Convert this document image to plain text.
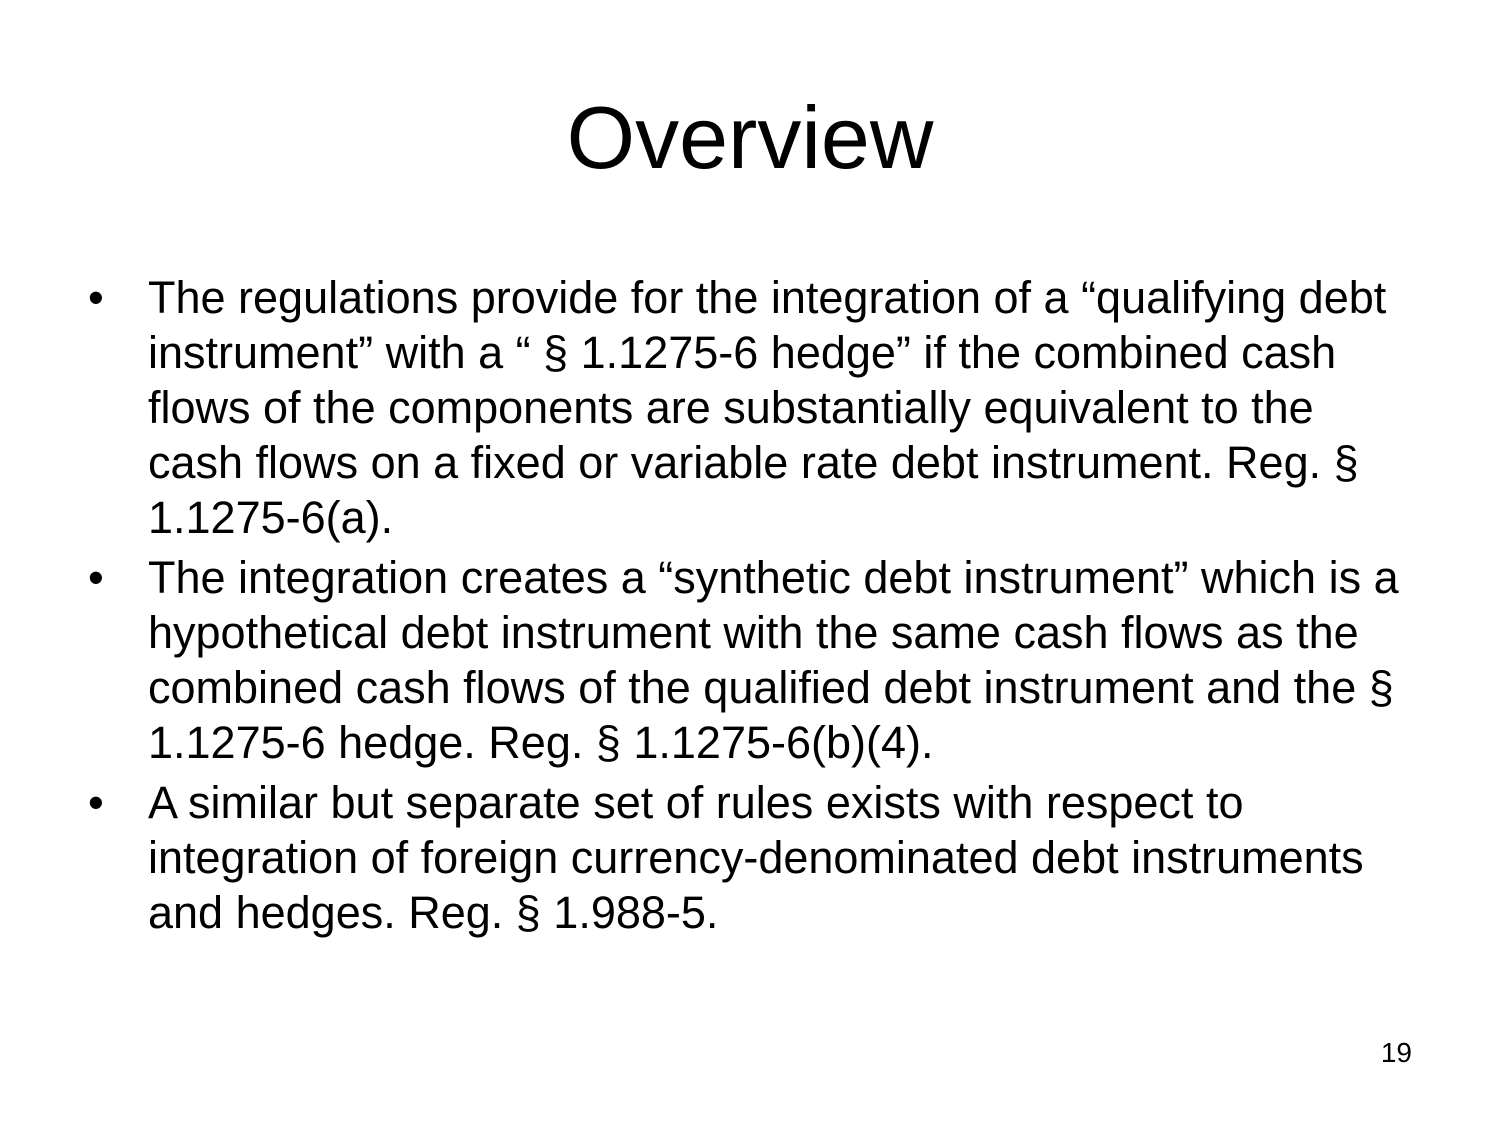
Overview
• The regulations provide for the integration of a “qualifying debt instrument” with a “ § 1.1275-6 hedge” if the combined cash flows of the components are substantially equivalent to the cash flows on a fixed or variable rate debt instrument. Reg. § 1.1275-6(a).
• The integration creates a “synthetic debt instrument” which is a hypothetical debt instrument with the same cash flows as the combined cash flows of the qualified debt instrument and the § 1.1275-6 hedge. Reg. § 1.1275-6(b)(4).
• A similar but separate set of rules exists with respect to integration of foreign currency-denominated debt instruments and hedges. Reg. § 1.988-5.
19
